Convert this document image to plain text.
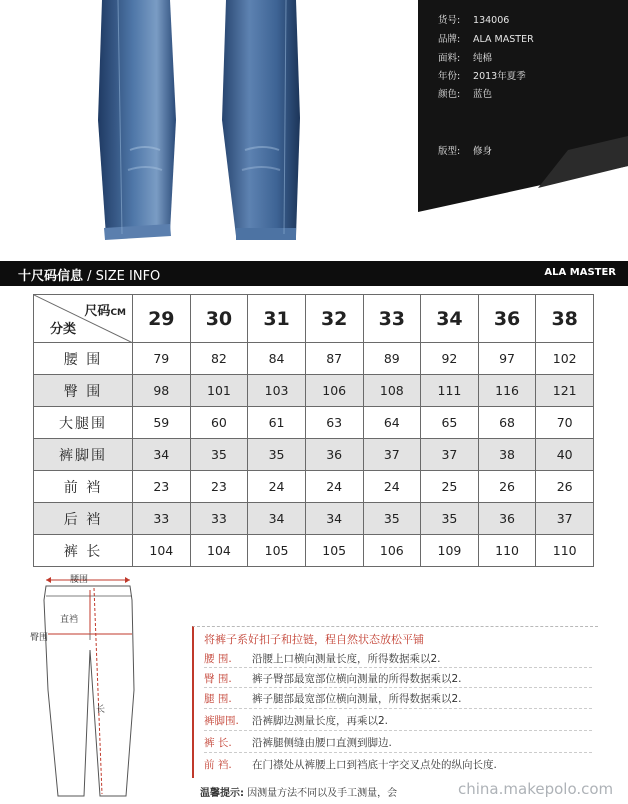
货号: 134006
品牌: ALA MASTER
面料: 纯棉
年份: 2013年夏季
颜色: 蓝色
版型: 修身
十尺码信息 / SIZE INFO	ALA MASTER
尺码CM
分类	29	30	31	32	33	34	36	38
腰 围	79	82	84	87	89	92	97	102
臀 围	98	101	103	106	108	111	116	121
大腿围	59	60	61	63	64	65	68	70
裤脚围	34	35	35	36	37	37	38	40
前 裆	23	23	24	24	24	25	26	26
后 裆	33	33	34	34	35	35	36	37
裤 长	104	104	105	105	106	109	110	110
腰围
直裆
臀围
长
将裤子系好扣子和拉链，程自然状态放松平铺
腰 围. 沿腰上口横向测量长度，所得数据乘以2.
臀 围. 裤子臀部最宽部位横向测量的所得数据乘以2.
腿 围. 裤子腿部最宽部位横向测量，所得数据乘以2.
裤脚围. 沿裤脚边测量长度，再乘以2.
裤 长. 沿裤腿侧缝由腰口直测到脚边.
前 裆. 在门襟处从裤腰上口到裆底十字交叉点处的纵向长度.
温馨提示: 因测量方法不同以及手工测量，会	china.makepolo.com
